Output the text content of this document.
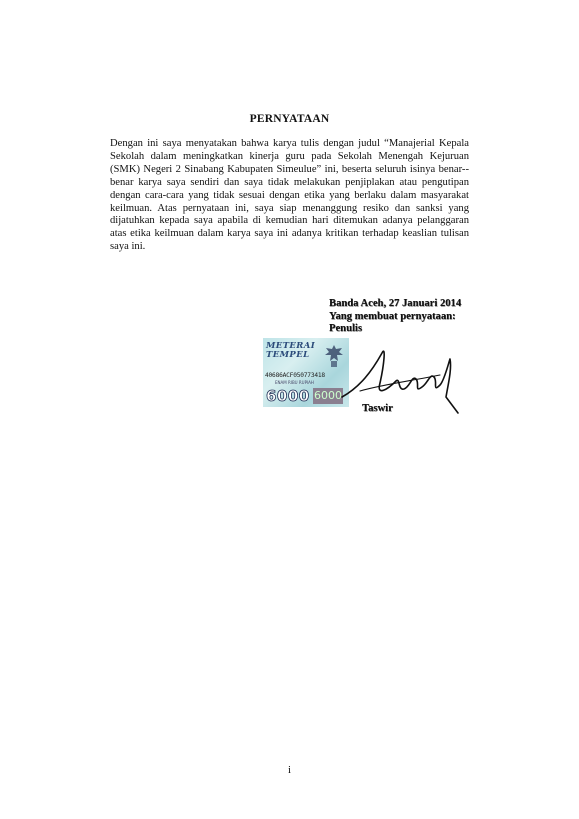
PERNYATAAN
Dengan ini saya menyatakan bahwa karya tulis dengan judul “Manajerial Kepala Sekolah dalam meningkatkan kinerja guru pada Sekolah Menengah Kejuruan (SMK) Negeri 2 Sinabang Kabupaten Simeulue” ini, beserta seluruh isinya benar-benar karya saya sendiri dan saya tidak melakukan penjiplakan atau pengutipan dengan cara-cara yang tidak sesuai dengan etika yang berlaku dalam masyarakat keilmuan. Atas pernyataan ini, saya siap menanggung resiko dan sanksi yang dijatuhkan kepada saya apabila di kemudian hari ditemukan adanya pelanggaran atas etika keilmuan dalam karya saya ini adanya kritikan terhadap keaslian tulisan saya ini.
Banda Aceh, 27 Januari 2014
Yang membuat pernyataan:
Penulis
METERAI
TEMPEL
40686ACF050773418
ENAM RIBU RUPIAH
6000 6000
Taswir
i
